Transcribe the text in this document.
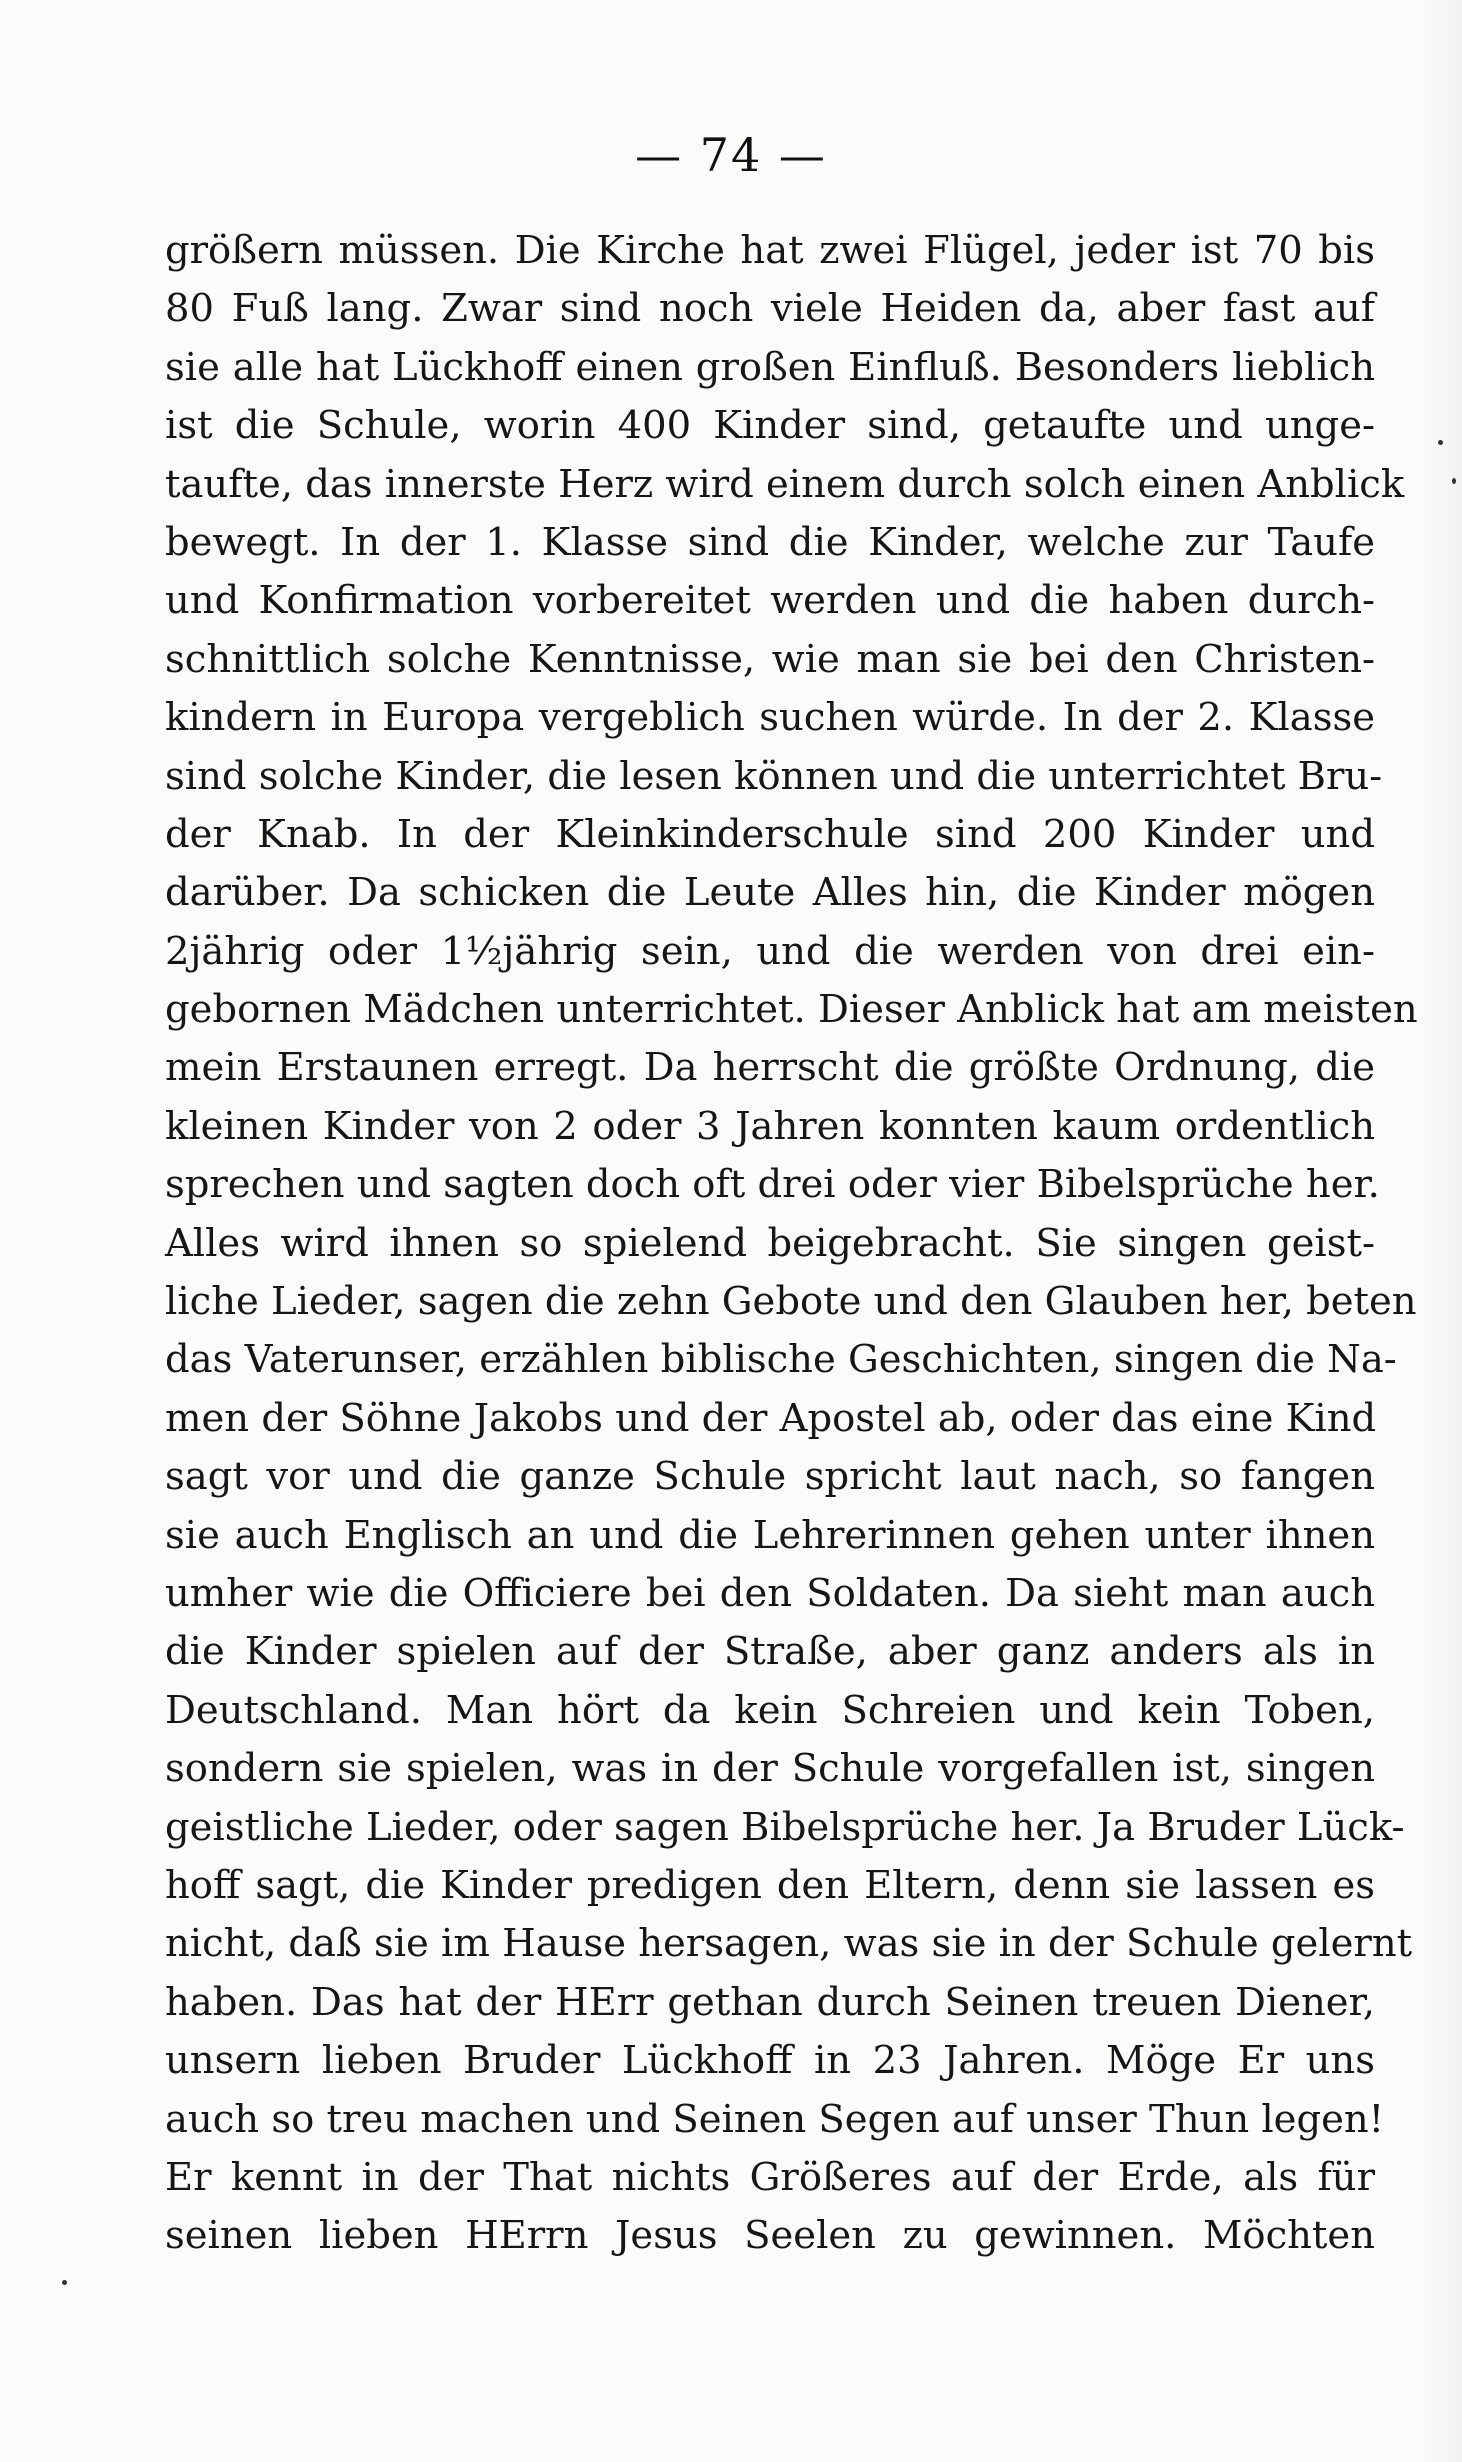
— 74 —
größern müssen. Die Kirche hat zwei Flügel, jeder ist 70 bis
80 Fuß lang. Zwar sind noch viele Heiden da, aber fast auf
sie alle hat Lückhoff einen großen Einfluß. Besonders lieblich
ist die Schule, worin 400 Kinder sind, getaufte und unge-
taufte, das innerste Herz wird einem durch solch einen Anblick
bewegt. In der 1. Klasse sind die Kinder, welche zur Taufe
und Konfirmation vorbereitet werden und die haben durch-
schnittlich solche Kenntnisse, wie man sie bei den Christen-
kindern in Europa vergeblich suchen würde. In der 2. Klasse
sind solche Kinder, die lesen können und die unterrichtet Bru-
der Knab. In der Kleinkinderschule sind 200 Kinder und
darüber. Da schicken die Leute Alles hin, die Kinder mögen
2jährig oder 1½jährig sein, und die werden von drei ein-
gebornen Mädchen unterrichtet. Dieser Anblick hat am meisten
mein Erstaunen erregt. Da herrscht die größte Ordnung, die
kleinen Kinder von 2 oder 3 Jahren konnten kaum ordentlich
sprechen und sagten doch oft drei oder vier Bibelsprüche her.
Alles wird ihnen so spielend beigebracht. Sie singen geist-
liche Lieder, sagen die zehn Gebote und den Glauben her, beten
das Vaterunser, erzählen biblische Geschichten, singen die Na-
men der Söhne Jakobs und der Apostel ab, oder das eine Kind
sagt vor und die ganze Schule spricht laut nach, so fangen
sie auch Englisch an und die Lehrerinnen gehen unter ihnen
umher wie die Officiere bei den Soldaten. Da sieht man auch
die Kinder spielen auf der Straße, aber ganz anders als in
Deutschland. Man hört da kein Schreien und kein Toben,
sondern sie spielen, was in der Schule vorgefallen ist, singen
geistliche Lieder, oder sagen Bibelsprüche her. Ja Bruder Lück-
hoff sagt, die Kinder predigen den Eltern, denn sie lassen es
nicht, daß sie im Hause hersagen, was sie in der Schule gelernt
haben. Das hat der HErr gethan durch Seinen treuen Diener,
unsern lieben Bruder Lückhoff in 23 Jahren. Möge Er uns
auch so treu machen und Seinen Segen auf unser Thun legen!
Er kennt in der That nichts Größeres auf der Erde, als für
seinen lieben HErrn Jesus Seelen zu gewinnen. Möchten
